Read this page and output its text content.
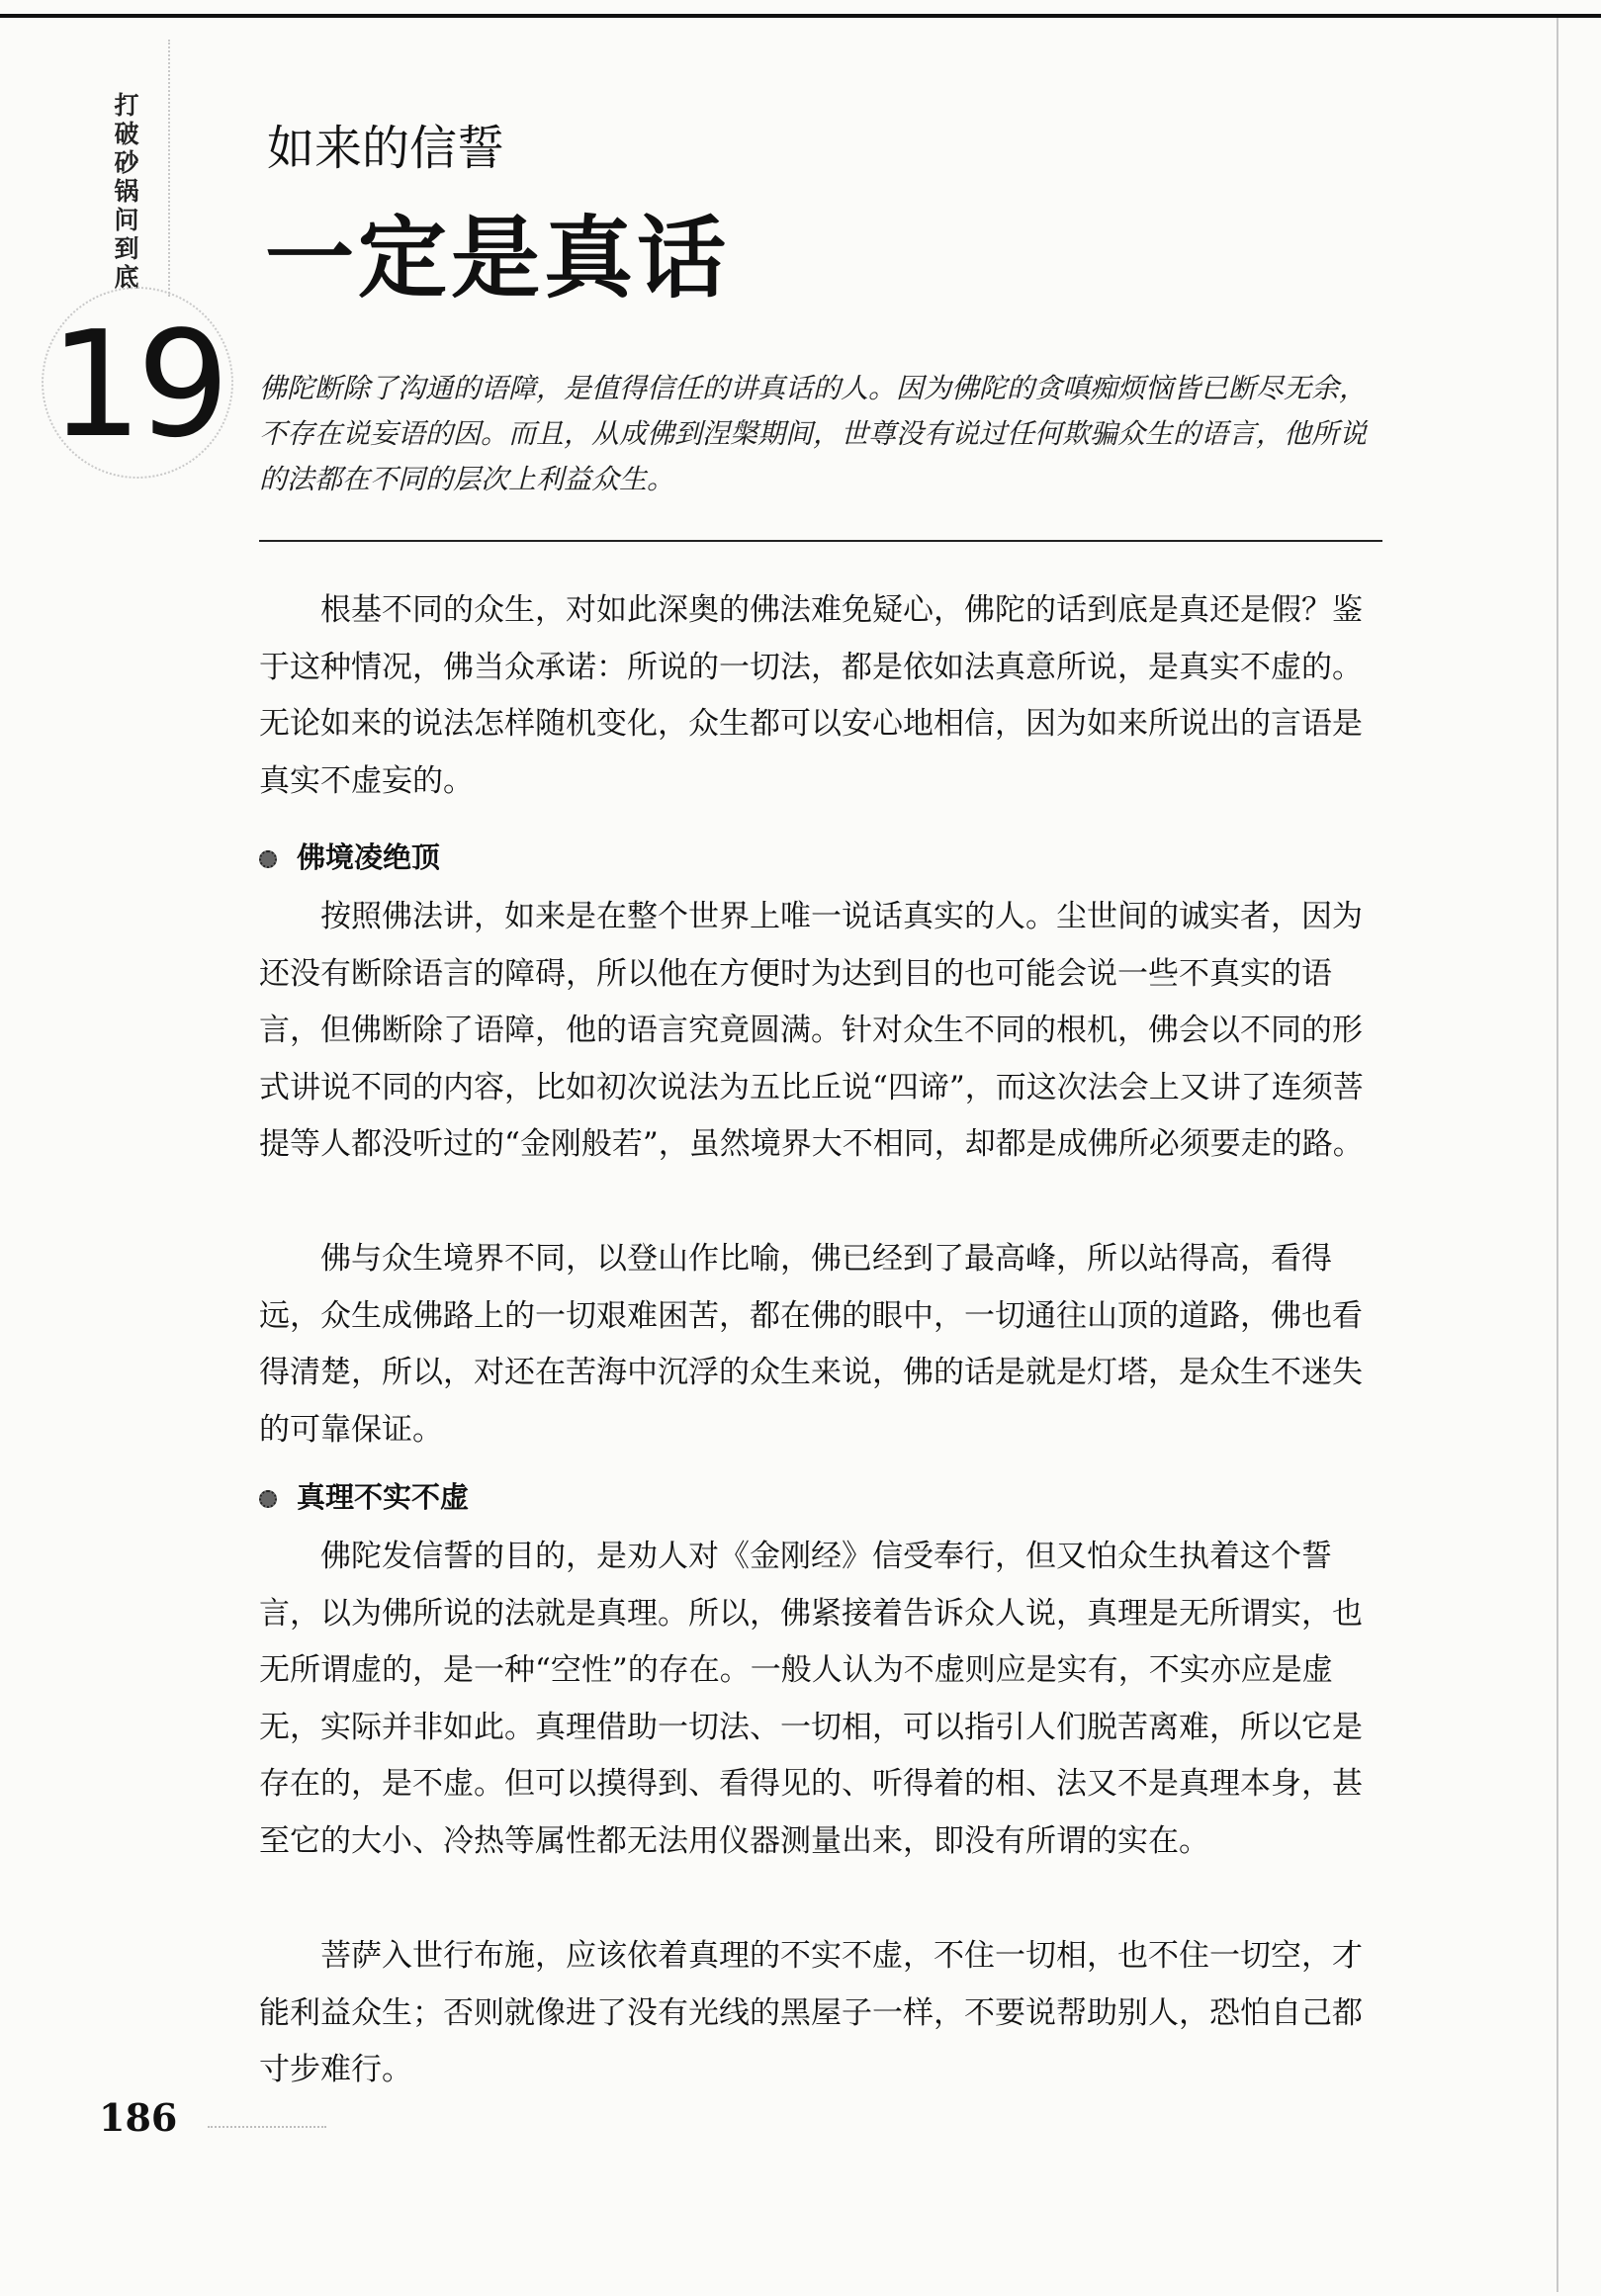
打
破
砂
锅
问
到
底
19
如来的信誓
一定是真话

佛陀断除了沟通的语障，是值得信任的讲真话的人。因为佛陀的贪嗔痴烦恼皆已断尽无余，不存在说妄语的因。而且，从成佛到涅槃期间，世尊没有说过任何欺骗众生的语言，他所说的法都在不同的层次上利益众生。

根基不同的众生，对如此深奥的佛法难免疑心，佛陀的话到底是真还是假？鉴于这种情况，佛当众承诺：所说的一切法，都是依如法真意所说，是真实不虚的。无论如来的说法怎样随机变化，众生都可以安心地相信，因为如来所说出的言语是真实不虚妄的。

佛境凌绝顶

按照佛法讲，如来是在整个世界上唯一说话真实的人。尘世间的诚实者，因为还没有断除语言的障碍，所以他在方便时为达到目的也可能会说一些不真实的语言，但佛断除了语障，他的语言究竟圆满。针对众生不同的根机，佛会以不同的形式讲说不同的内容，比如初次说法为五比丘说“四谛”，而这次法会上又讲了连须菩提等人都没听过的“金刚般若”，虽然境界大不相同，却都是成佛所必须要走的路。

佛与众生境界不同，以登山作比喻，佛已经到了最高峰，所以站得高，看得远，众生成佛路上的一切艰难困苦，都在佛的眼中，一切通往山顶的道路，佛也看得清楚，所以，对还在苦海中沉浮的众生来说，佛的话是就是灯塔，是众生不迷失的可靠保证。

真理不实不虚

佛陀发信誓的目的，是劝人对《金刚经》信受奉行，但又怕众生执着这个誓言，以为佛所说的法就是真理。所以，佛紧接着告诉众人说，真理是无所谓实，也无所谓虚的，是一种“空性”的存在。一般人认为不虚则应是实有，不实亦应是虚无，实际并非如此。真理借助一切法、一切相，可以指引人们脱苦离难，所以它是存在的，是不虚。但可以摸得到、看得见的、听得着的相、法又不是真理本身，甚至它的大小、冷热等属性都无法用仪器测量出来，即没有所谓的实在。

菩萨入世行布施，应该依着真理的不实不虚，不住一切相，也不住一切空，才能利益众生；否则就像进了没有光线的黑屋子一样，不要说帮助别人，恐怕自己都寸步难行。

186
